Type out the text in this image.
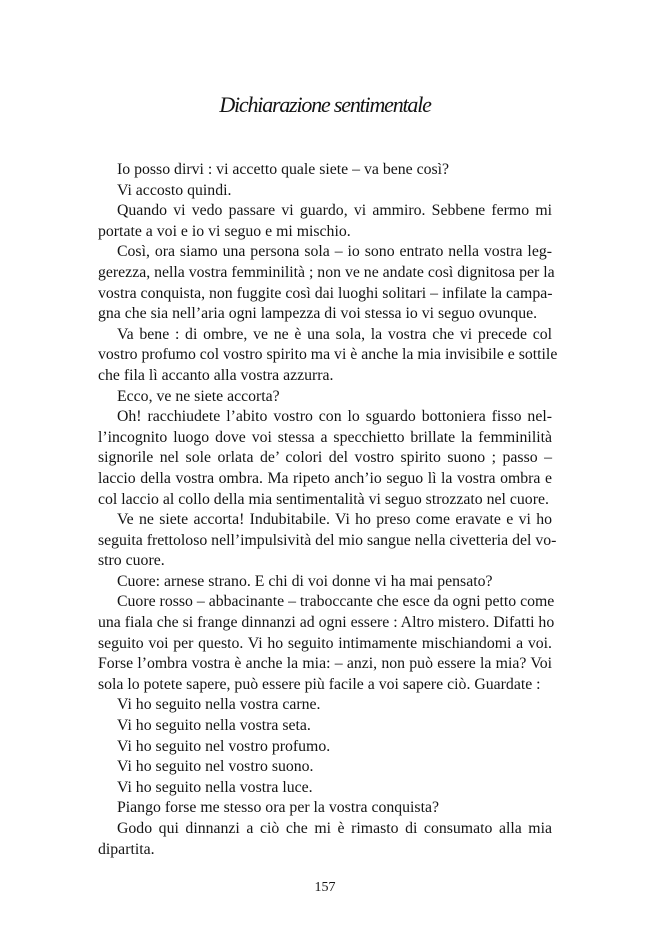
Dichiarazione sentimentale
Io posso dirvi : vi accetto quale siete – va bene così?
Vi accosto quindi.
Quando vi vedo passare vi guardo, vi ammiro. Sebbene fermo mi
portate a voi e io vi seguo e mi mischio.
Così, ora siamo una persona sola – io sono entrato nella vostra leg-
gerezza, nella vostra femminilità ; non ve ne andate così dignitosa per la
vostra conquista, non fuggite così dai luoghi solitari – infilate la campa-
gna che sia nell’aria ogni lampezza di voi stessa io vi seguo ovunque.
Va bene : di ombre, ve ne è una sola, la vostra che vi precede col
vostro profumo col vostro spirito ma vi è anche la mia invisibile e sottile
che fila lì accanto alla vostra azzurra.
Ecco, ve ne siete accorta?
Oh! racchiudete l’abito vostro con lo sguardo bottoniera fisso nel-
l’incognito luogo dove voi stessa a specchietto brillate la femminilità
signorile nel sole orlata de’ colori del vostro spirito suono ; passo –
laccio della vostra ombra. Ma ripeto anch’io seguo lì la vostra ombra e
col laccio al collo della mia sentimentalità vi seguo strozzato nel cuore.
Ve ne siete accorta! Indubitabile. Vi ho preso come eravate e vi ho
seguita frettoloso nell’impulsività del mio sangue nella civetteria del vo-
stro cuore.
Cuore: arnese strano. E chi di voi donne vi ha mai pensato?
Cuore rosso – abbacinante – traboccante che esce da ogni petto come
una fiala che si frange dinnanzi ad ogni essere : Altro mistero. Difatti ho
seguito voi per questo. Vi ho seguito intimamente mischiandomi a voi.
Forse l’ombra vostra è anche la mia: – anzi, non può essere la mia? Voi
sola lo potete sapere, può essere più facile a voi sapere ciò. Guardate :
Vi ho seguito nella vostra carne.
Vi ho seguito nella vostra seta.
Vi ho seguito nel vostro profumo.
Vi ho seguito nel vostro suono.
Vi ho seguito nella vostra luce.
Piango forse me stesso ora per la vostra conquista?
Godo qui dinnanzi a ciò che mi è rimasto di consumato alla mia
dipartita.
157
